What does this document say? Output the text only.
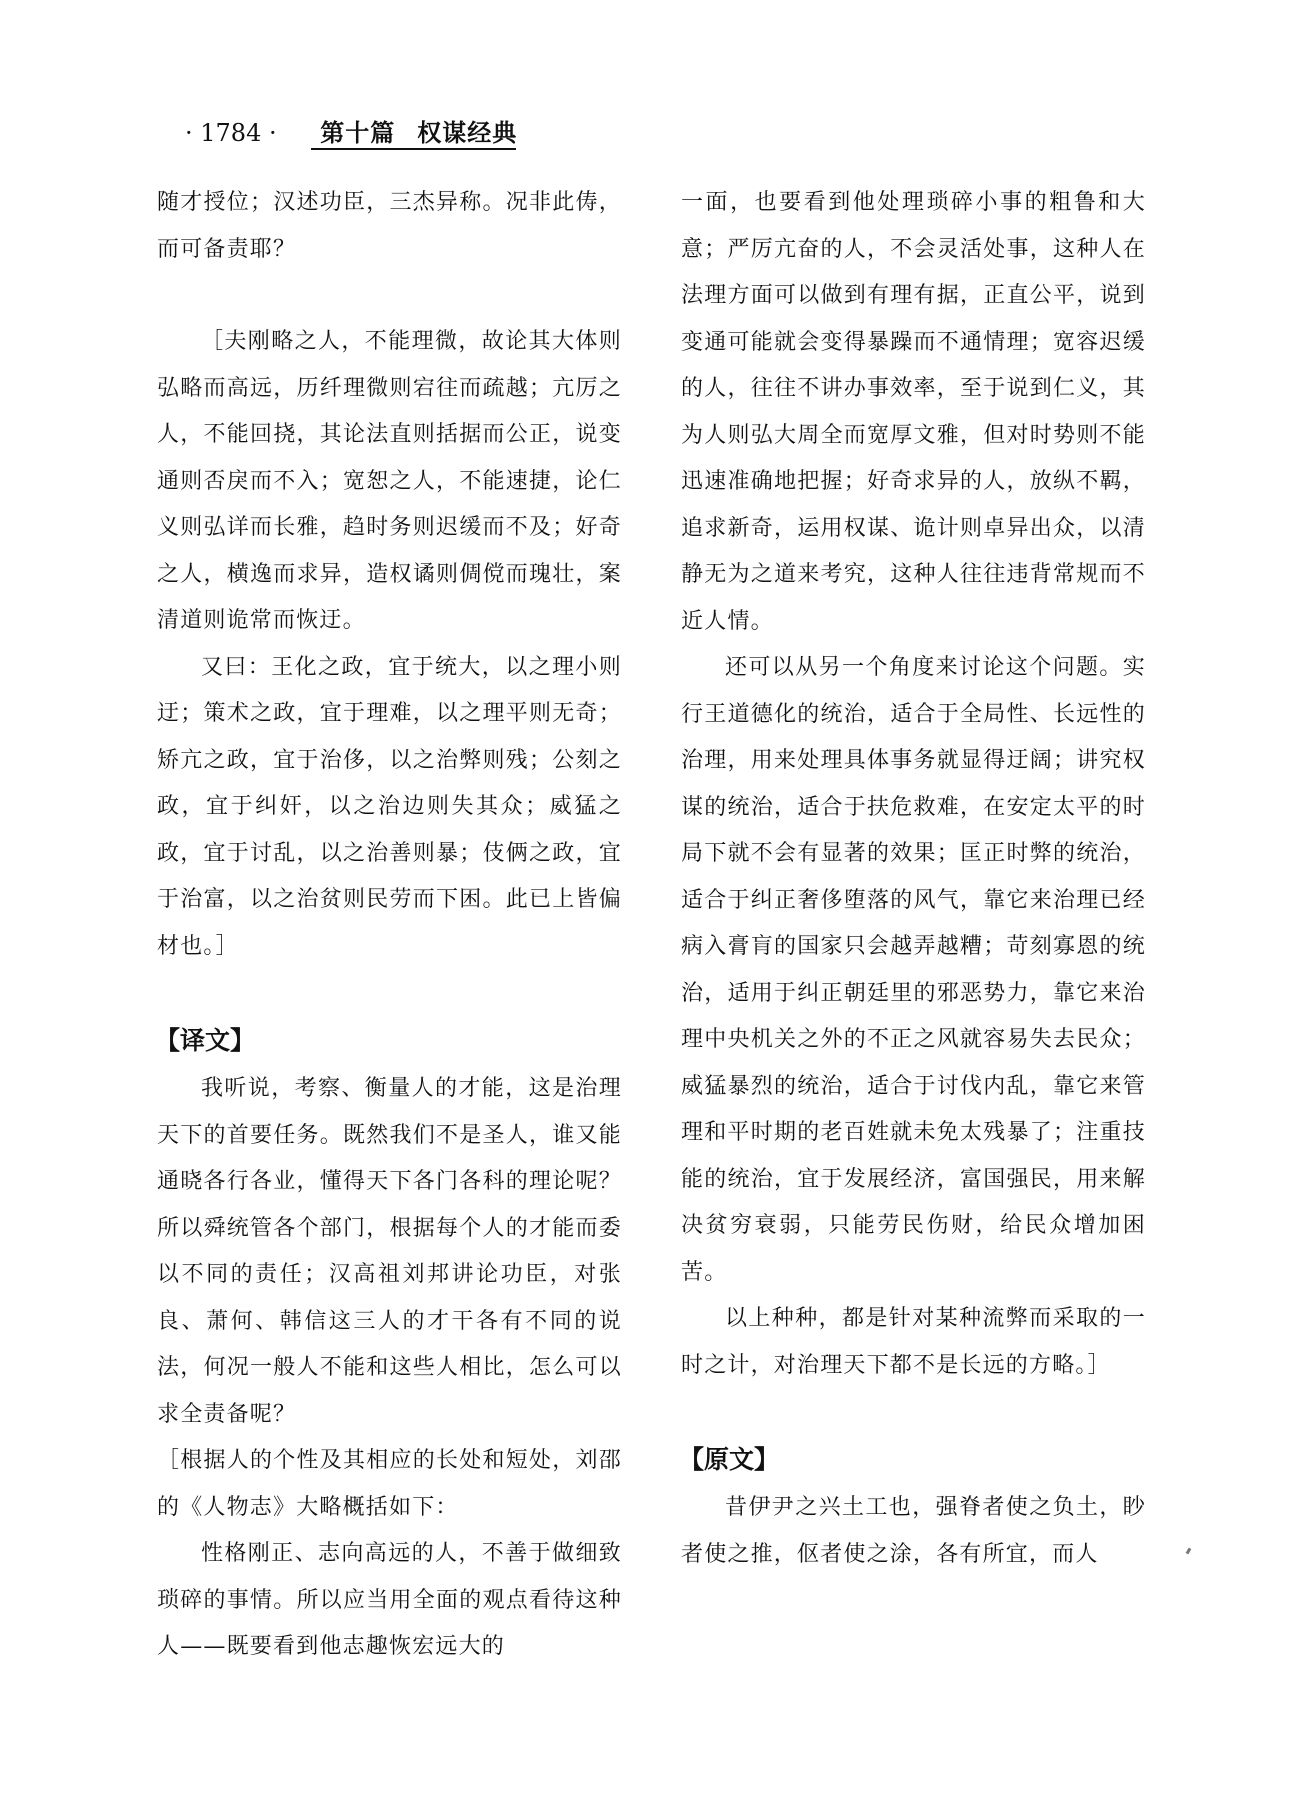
· 1784 · 第十篇 权谋经典

随才授位；汉述功臣，三杰异称。况非此俦，而可备责耶？

［夫刚略之人，不能理微，故论其大体则弘略而高远，历纤理微则宕往而疏越；亢厉之人，不能回挠，其论法直则括据而公正，说变通则否戾而不入；宽恕之人，不能速捷，论仁义则弘详而长雅，趋时务则迟缓而不及；好奇之人，横逸而求异，造权谲则倜傥而瑰壮，案清道则诡常而恢迂。

又曰：王化之政，宜于统大，以之理小则迂；策术之政，宜于理难，以之理平则无奇；矫亢之政，宜于治侈，以之治弊则残；公刻之政，宜于纠奸，以之治边则失其众；威猛之政，宜于讨乱，以之治善则暴；伎俩之政，宜于治富，以之治贫则民劳而下困。此已上皆偏材也。］

【译文】

我听说，考察、衡量人的才能，这是治理天下的首要任务。既然我们不是圣人，谁又能通晓各行各业，懂得天下各门各科的理论呢？所以舜统管各个部门，根据每个人的才能而委以不同的责任；汉高祖刘邦讲论功臣，对张良、萧何、韩信这三人的才干各有不同的说法，何况一般人不能和这些人相比，怎么可以求全责备呢？

［根据人的个性及其相应的长处和短处，刘邵的《人物志》大略概括如下：

性格刚正、志向高远的人，不善于做细致琐碎的事情。所以应当用全面的观点看待这种人——既要看到他志趣恢宏远大的

一面，也要看到他处理琐碎小事的粗鲁和大意；严厉亢奋的人，不会灵活处事，这种人在法理方面可以做到有理有据，正直公平，说到变通可能就会变得暴躁而不通情理；宽容迟缓的人，往往不讲办事效率，至于说到仁义，其为人则弘大周全而宽厚文雅，但对时势则不能迅速准确地把握；好奇求异的人，放纵不羁，追求新奇，运用权谋、诡计则卓异出众，以清静无为之道来考究，这种人往往违背常规而不近人情。

还可以从另一个角度来讨论这个问题。实行王道德化的统治，适合于全局性、长远性的治理，用来处理具体事务就显得迂阔；讲究权谋的统治，适合于扶危救难，在安定太平的时局下就不会有显著的效果；匡正时弊的统治，适合于纠正奢侈堕落的风气，靠它来治理已经病入膏肓的国家只会越弄越糟；苛刻寡恩的统治，适用于纠正朝廷里的邪恶势力，靠它来治理中央机关之外的不正之风就容易失去民众；威猛暴烈的统治，适合于讨伐内乱，靠它来管理和平时期的老百姓就未免太残暴了；注重技能的统治，宜于发展经济，富国强民，用来解决贫穷衰弱，只能劳民伤财，给民众增加困苦。

以上种种，都是针对某种流弊而采取的一时之计，对治理天下都不是长远的方略。］

【原文】

昔伊尹之兴土工也，强脊者使之负土，眇者使之推，伛者使之涂，各有所宜，而人
